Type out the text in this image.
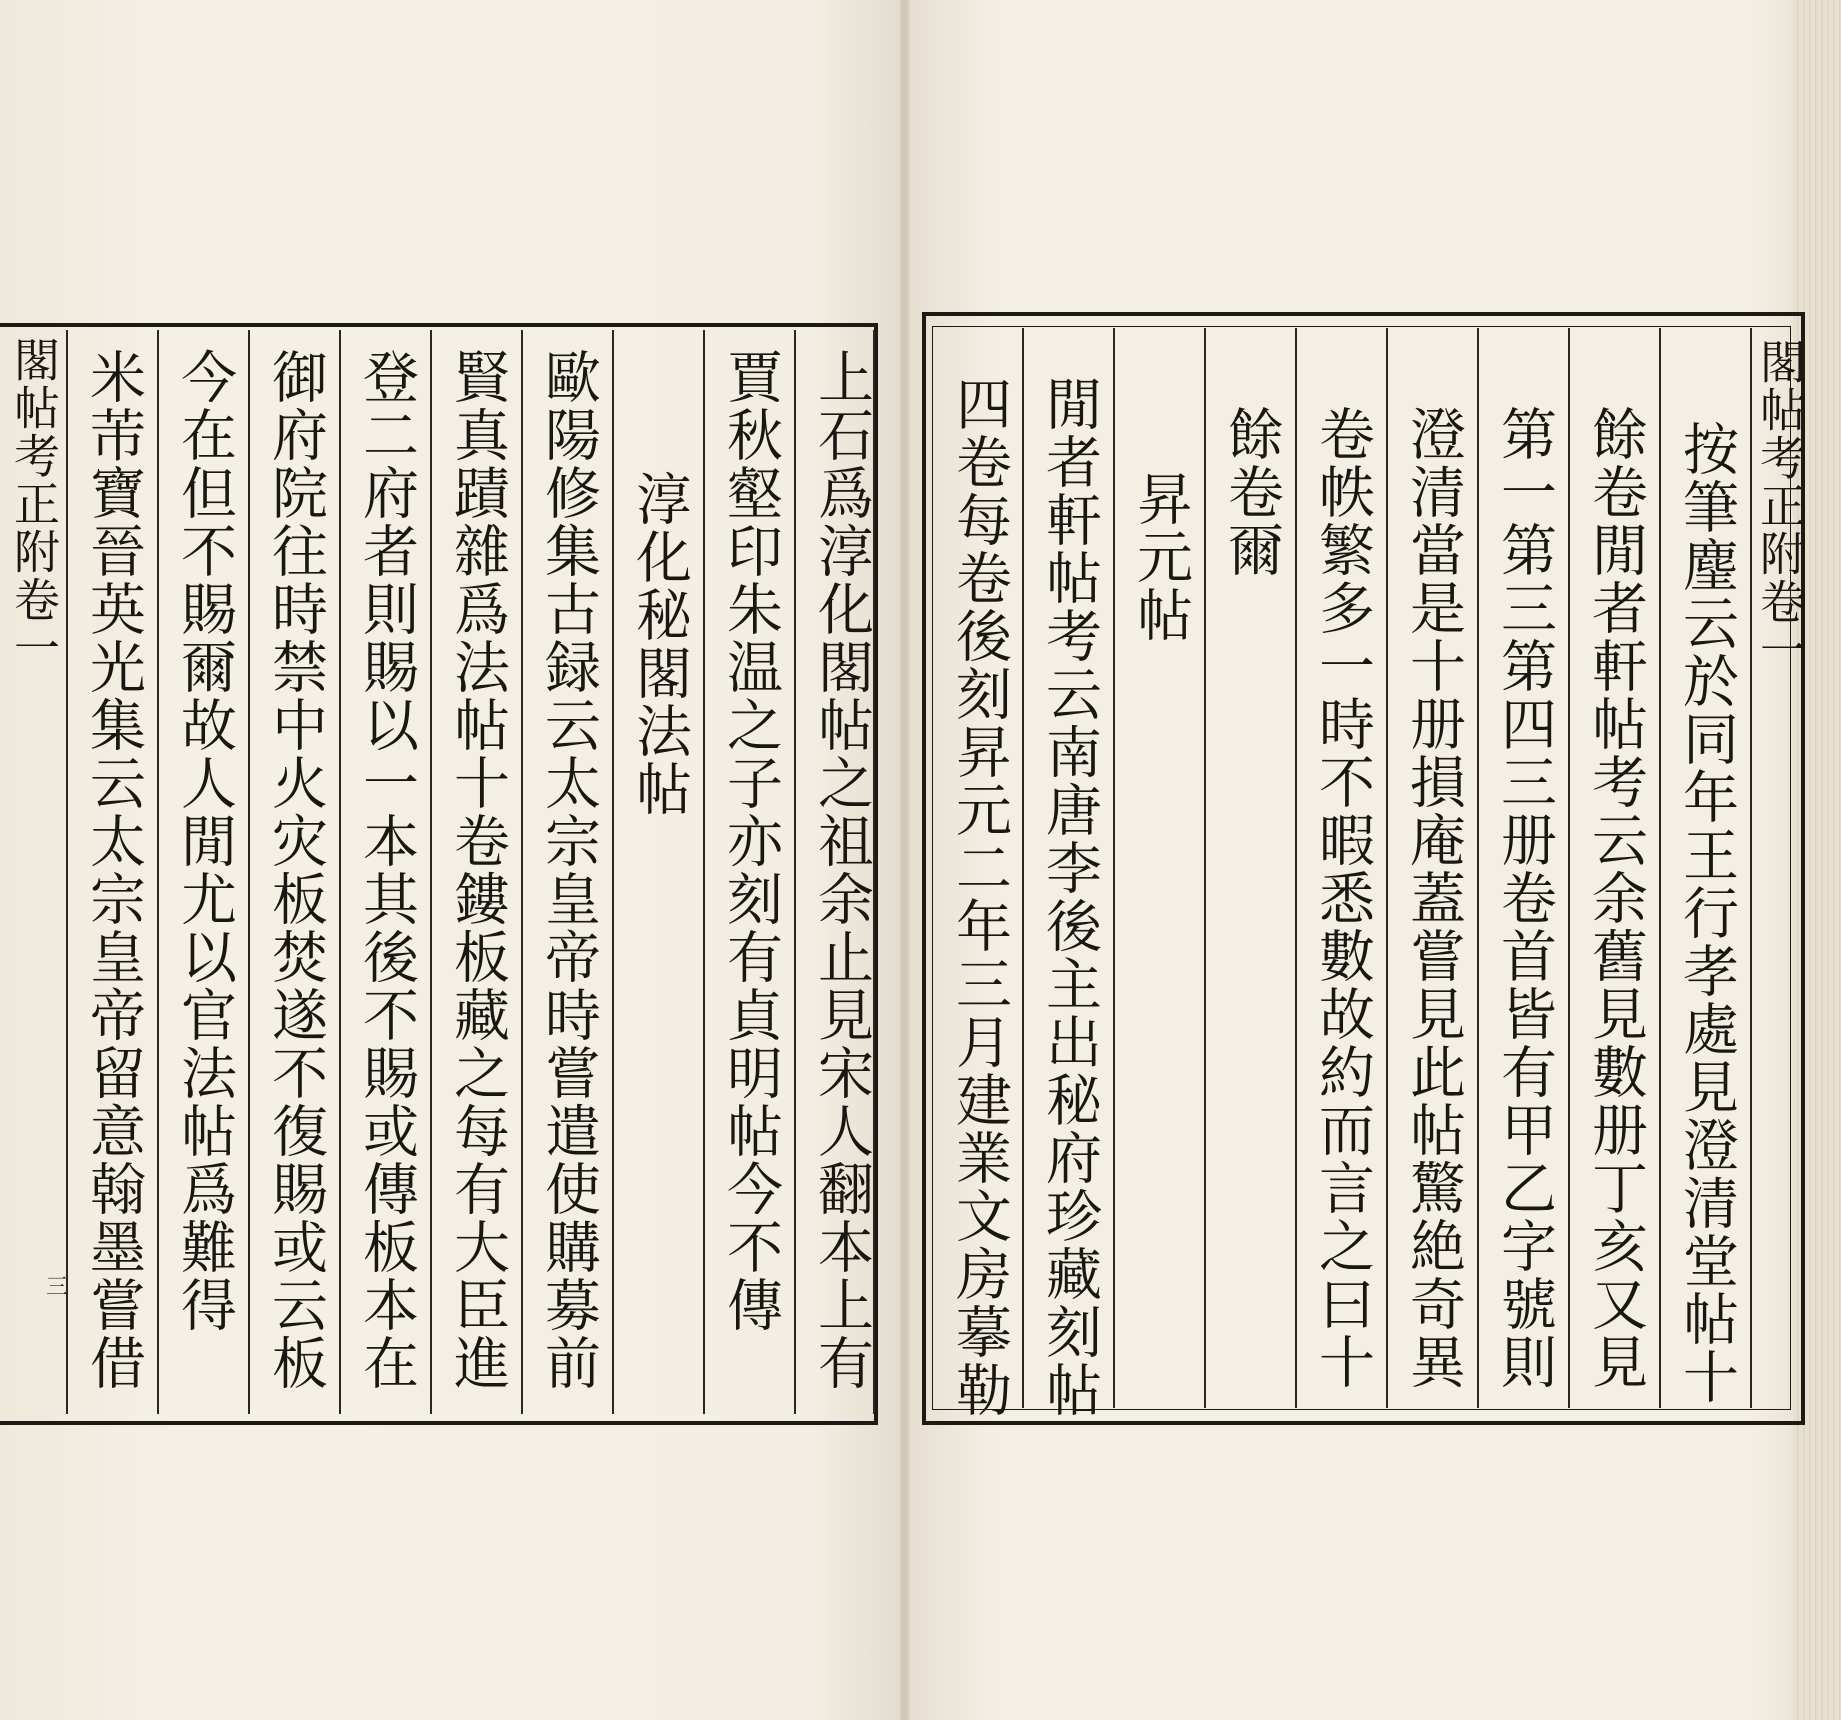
閣帖考正附卷一
三	上石爲淳化閣帖之祖余止見宋人翻本上有
賈秋壑印朱温之子亦刻有貞明帖今不傳
淳化秘閣法帖
歐陽修集古録云太宗皇帝時嘗遣使購募前
賢真蹟雜爲法帖十卷鏤板藏之每有大臣進
登二府者則賜以一本其後不賜或傳板本在
御府院往時禁中火灾板焚遂不復賜或云板
今在但不賜爾故人閒尤以官法帖爲難得
米芾寶晉英光集云太宗皇帝留意翰墨嘗借	閣帖考正附卷一
按筆麈云於同年王行孝處見澄清堂帖十
餘卷閒者軒帖考云余舊見數册丁亥又見
第一第三第四三册卷首皆有甲乙字號則
澄清當是十册損庵蓋嘗見此帖驚絶奇異
卷帙繁多一時不暇悉數故約而言之曰十
餘卷爾
昇元帖
閒者軒帖考云南唐李後主出秘府珍藏刻帖
四卷每卷後刻昇元二年三月建業文房摹勒
